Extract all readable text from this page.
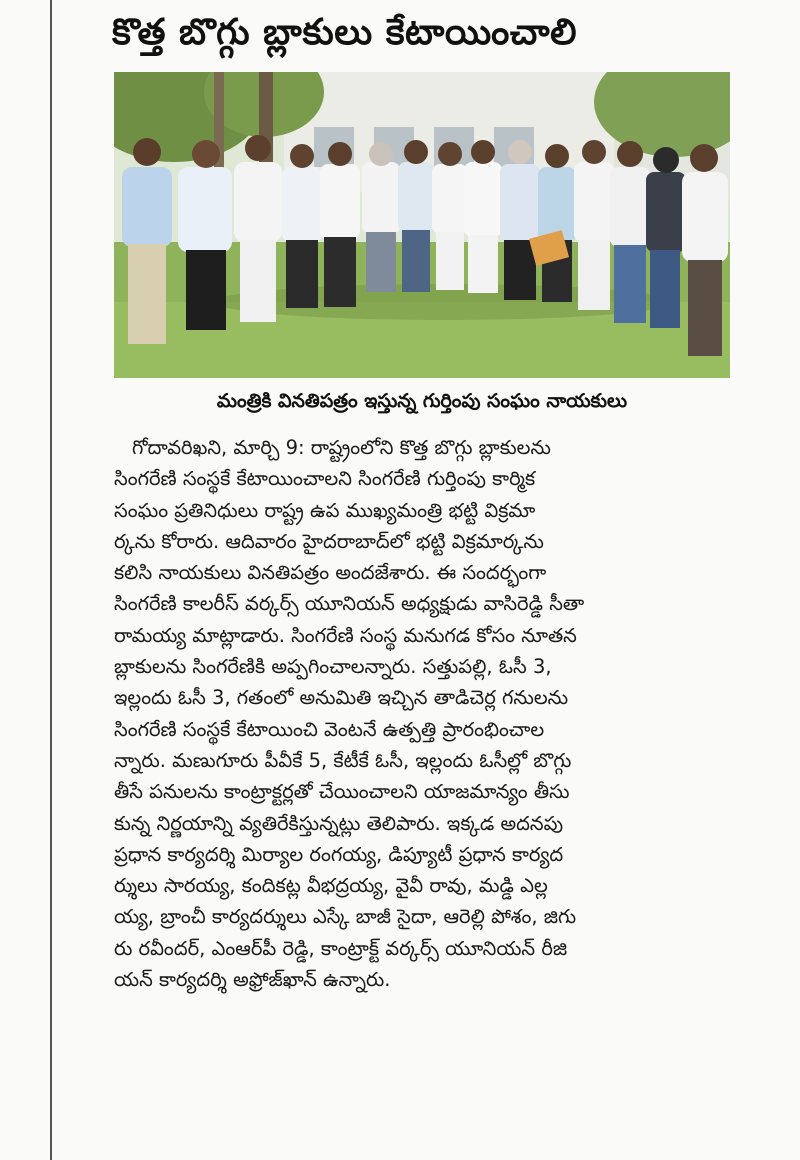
కొత్త బొగ్గు బ్లాకులు కేటాయించాలి
మంత్రికి వినతిపత్రం ఇస్తున్న గుర్తింపు సంఘం నాయకులు
గోదావరిఖని, మార్చి 9: రాష్ట్రంలోని కొత్త బొగ్గు బ్లాకులను
సింగరేణి సంస్థకే కేటాయించాలని సింగరేణి గుర్తింపు కార్మిక
సంఘం ప్రతినిధులు రాష్ట్ర ఉప ముఖ్యమంత్రి భట్టి విక్రమా
ర్కను కోరారు. ఆదివారం హైదరాబాద్‌లో భట్టి విక్రమార్కను
కలిసి నాయకులు వినతిపత్రం అందజేశారు. ఈ సందర్భంగా
సింగరేణి కాలరీస్ వర్కర్స్ యూనియన్ అధ్యక్షుడు వాసిరెడ్డి సీతా
రామయ్య మాట్లాడారు. సింగరేణి సంస్థ మనుగడ కోసం నూతన
బ్లాకులను సింగరేణికి అప్పగించాలన్నారు. సత్తుపల్లి, ఓసీ 3,
ఇల్లందు ఓసీ 3, గతంలో అనుమితి ఇచ్చిన తాడిచెర్ల గనులను
సింగరేణి సంస్థకే కేటాయించి వెంటనే ఉత్పత్తి ప్రారంభించాల
న్నారు. మణుగూరు పీవీకే 5, కేటీకే ఓసీ, ఇల్లందు ఓసీల్లో బొగ్గు
తీసే పనులను కాంట్రాక్టర్లతో చేయించాలని యాజమాన్యం తీసు
కున్న నిర్ణయాన్ని వ్యతిరేకిస్తున్నట్లు తెలిపారు. ఇక్కడ అదనపు
ప్రధాన కార్యదర్శి మిర్యాల రంగయ్య, డిప్యూటీ ప్రధాన కార్యద
ర్శులు సారయ్య, కందికట్ల వీభద్రయ్య, వైవీ రావు, మడ్డి ఎల్ల
య్య, బ్రాంచీ కార్యదర్శులు ఎస్కే బాజీ సైదా, ఆరెల్లి పోశం, జిగు
రు రవీందర్, ఎంఆర్‌పీ రెడ్డి, కాంట్రాక్ట్ వర్కర్స్ యూనియన్ రీజి
యన్ కార్యదర్శి అఫ్రోజ్‌ఖాన్ ఉన్నారు.
